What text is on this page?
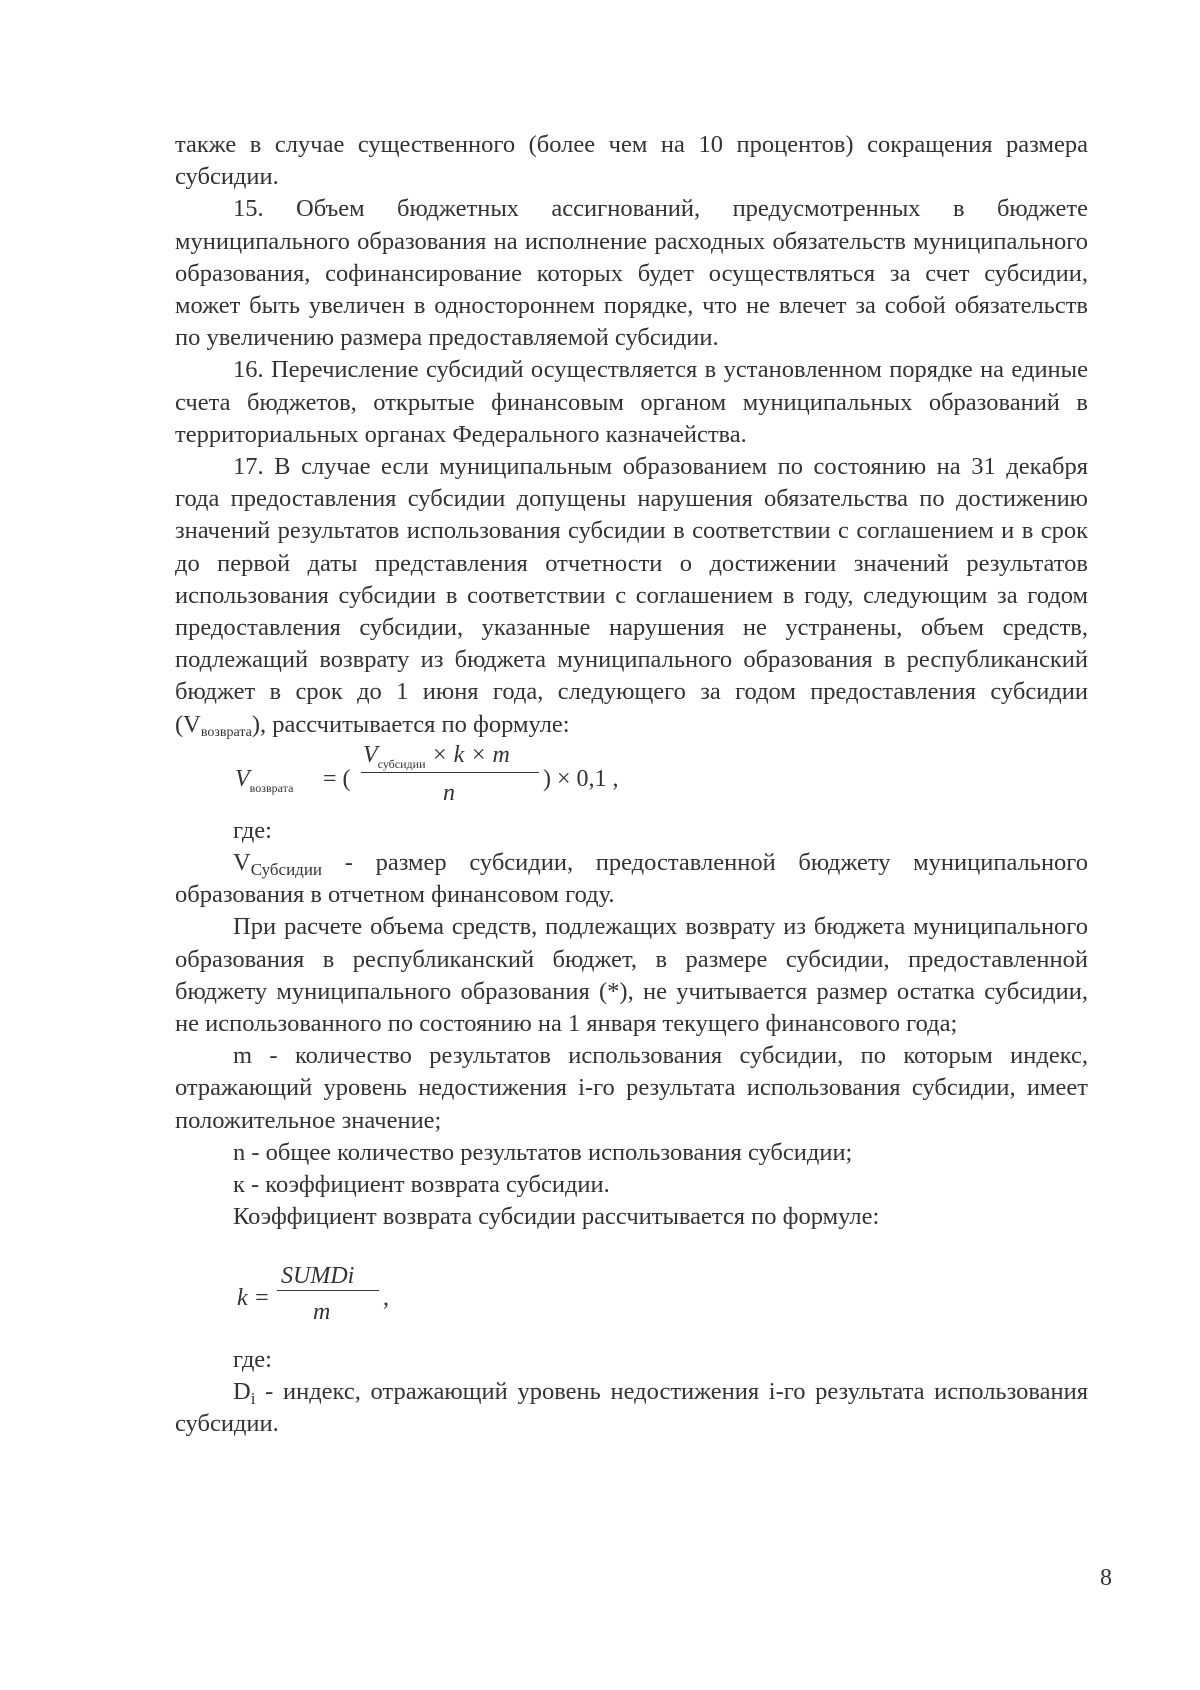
также в случае существенного (более чем на 10 процентов) сокращения размера субсидии.

15. Объем бюджетных ассигнований, предусмотренных в бюджете муниципального образования на исполнение расходных обязательств муниципального образования, софинансирование которых будет осуществляться за счет субсидии, может быть увеличен в одностороннем порядке, что не влечет за собой обязательств по увеличению размера предоставляемой субсидии.

16. Перечисление субсидий осуществляется в установленном порядке на единые счета бюджетов, открытые финансовым органом муниципальных образований в территориальных органах Федерального казначейства.

17. В случае если муниципальным образованием по состоянию на 31 декабря года предоставления субсидии допущены нарушения обязательства по достижению значений результатов использования субсидии в соответствии с соглашением и в срок до первой даты представления отчетности о достижении значений результатов использования субсидии в соответствии с соглашением в году, следующим за годом предоставления субсидии, указанные нарушения не устранены, объем средств, подлежащий возврату из бюджета муниципального образования в республиканский бюджет в срок до 1 июня года, следующего за годом предоставления субсидии $(V_{возврата})$, рассчитывается по формуле:

$V_{возврата}$ = (
$V_{субсидии} \times k \times m$
n
) × 0,1 ,

где:

$V_{Субсидии}$ - размер субсидии, предоставленной бюджету муниципального образования в отчетном финансовом году.

При расчете объема средств, подлежащих возврату из бюджета муниципального образования в республиканский бюджет, в размере субсидии, предоставленной бюджету муниципального образования (*), не учитывается размер остатка субсидии, не использованного по состоянию на 1 января текущего финансового года;

m - количество результатов использования субсидии, по которым индекс, отражающий уровень недостижения i-го результата использования субсидии, имеет положительное значение;

n - общее количество результатов использования субсидии;

к - коэффициент возврата субсидии.

Коэффициент возврата субсидии рассчитывается по формуле:

k =
SUMDi
m
,

где:

$D_i$ - индекс, отражающий уровень недостижения i-го результата использования субсидии.

8
